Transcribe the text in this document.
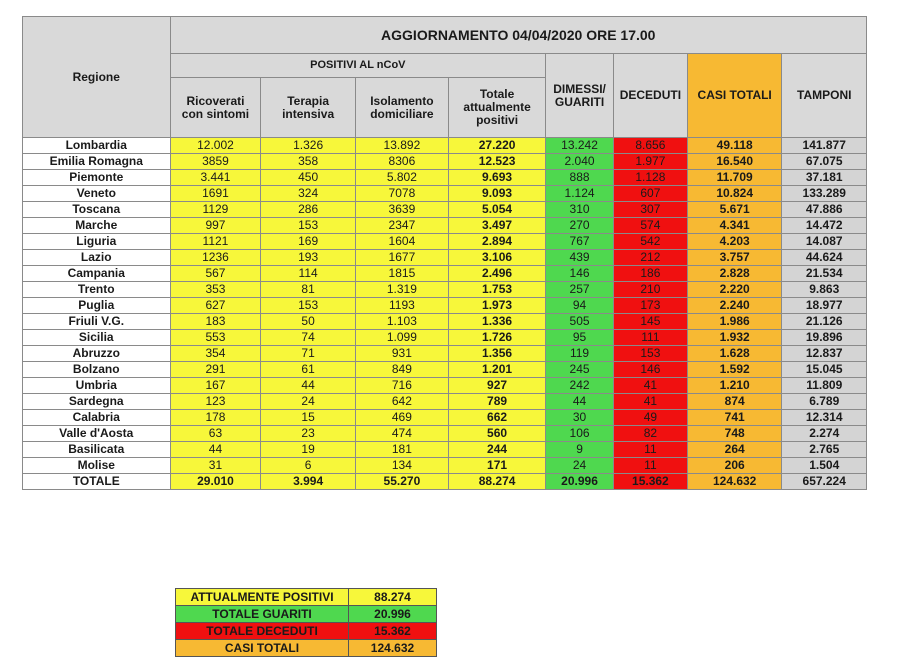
Regione	AGGIORNAMENTO 04/04/2020 ORE 17.00							
	POSITIVI AL nCoV				DIMESSI/ GUARITI	DECEDUTI	CASI TOTALI	TAMPONI
	Ricoverati con sintomi	Terapia intensiva	Isolamento domiciliare	Totale attualmente positivi				
Lombardia	12.002	1.326	13.892	27.220	13.242	8.656	49.118	141.877
Emilia Romagna	3859	358	8306	12.523	2.040	1.977	16.540	67.075
Piemonte	3.441	450	5.802	9.693	888	1.128	11.709	37.181
Veneto	1691	324	7078	9.093	1.124	607	10.824	133.289
Toscana	1129	286	3639	5.054	310	307	5.671	47.886
Marche	997	153	2347	3.497	270	574	4.341	14.472
Liguria	1121	169	1604	2.894	767	542	4.203	14.087
Lazio	1236	193	1677	3.106	439	212	3.757	44.624
Campania	567	114	1815	2.496	146	186	2.828	21.534
Trento	353	81	1.319	1.753	257	210	2.220	9.863
Puglia	627	153	1193	1.973	94	173	2.240	18.977
Friuli V.G.	183	50	1.103	1.336	505	145	1.986	21.126
Sicilia	553	74	1.099	1.726	95	111	1.932	19.896
Abruzzo	354	71	931	1.356	119	153	1.628	12.837
Bolzano	291	61	849	1.201	245	146	1.592	15.045
Umbria	167	44	716	927	242	41	1.210	11.809
Sardegna	123	24	642	789	44	41	874	6.789
Calabria	178	15	469	662	30	49	741	12.314
Valle d'Aosta	63	23	474	560	106	82	748	2.274
Basilicata	44	19	181	244	9	11	264	2.765
Molise	31	6	134	171	24	11	206	1.504
TOTALE	29.010	3.994	55.270	88.274	20.996	15.362	124.632	657.224
ATTUALMENTE POSITIVI	88.274
TOTALE GUARITI	20.996
TOTALE DECEDUTI	15.362
CASI TOTALI	124.632
